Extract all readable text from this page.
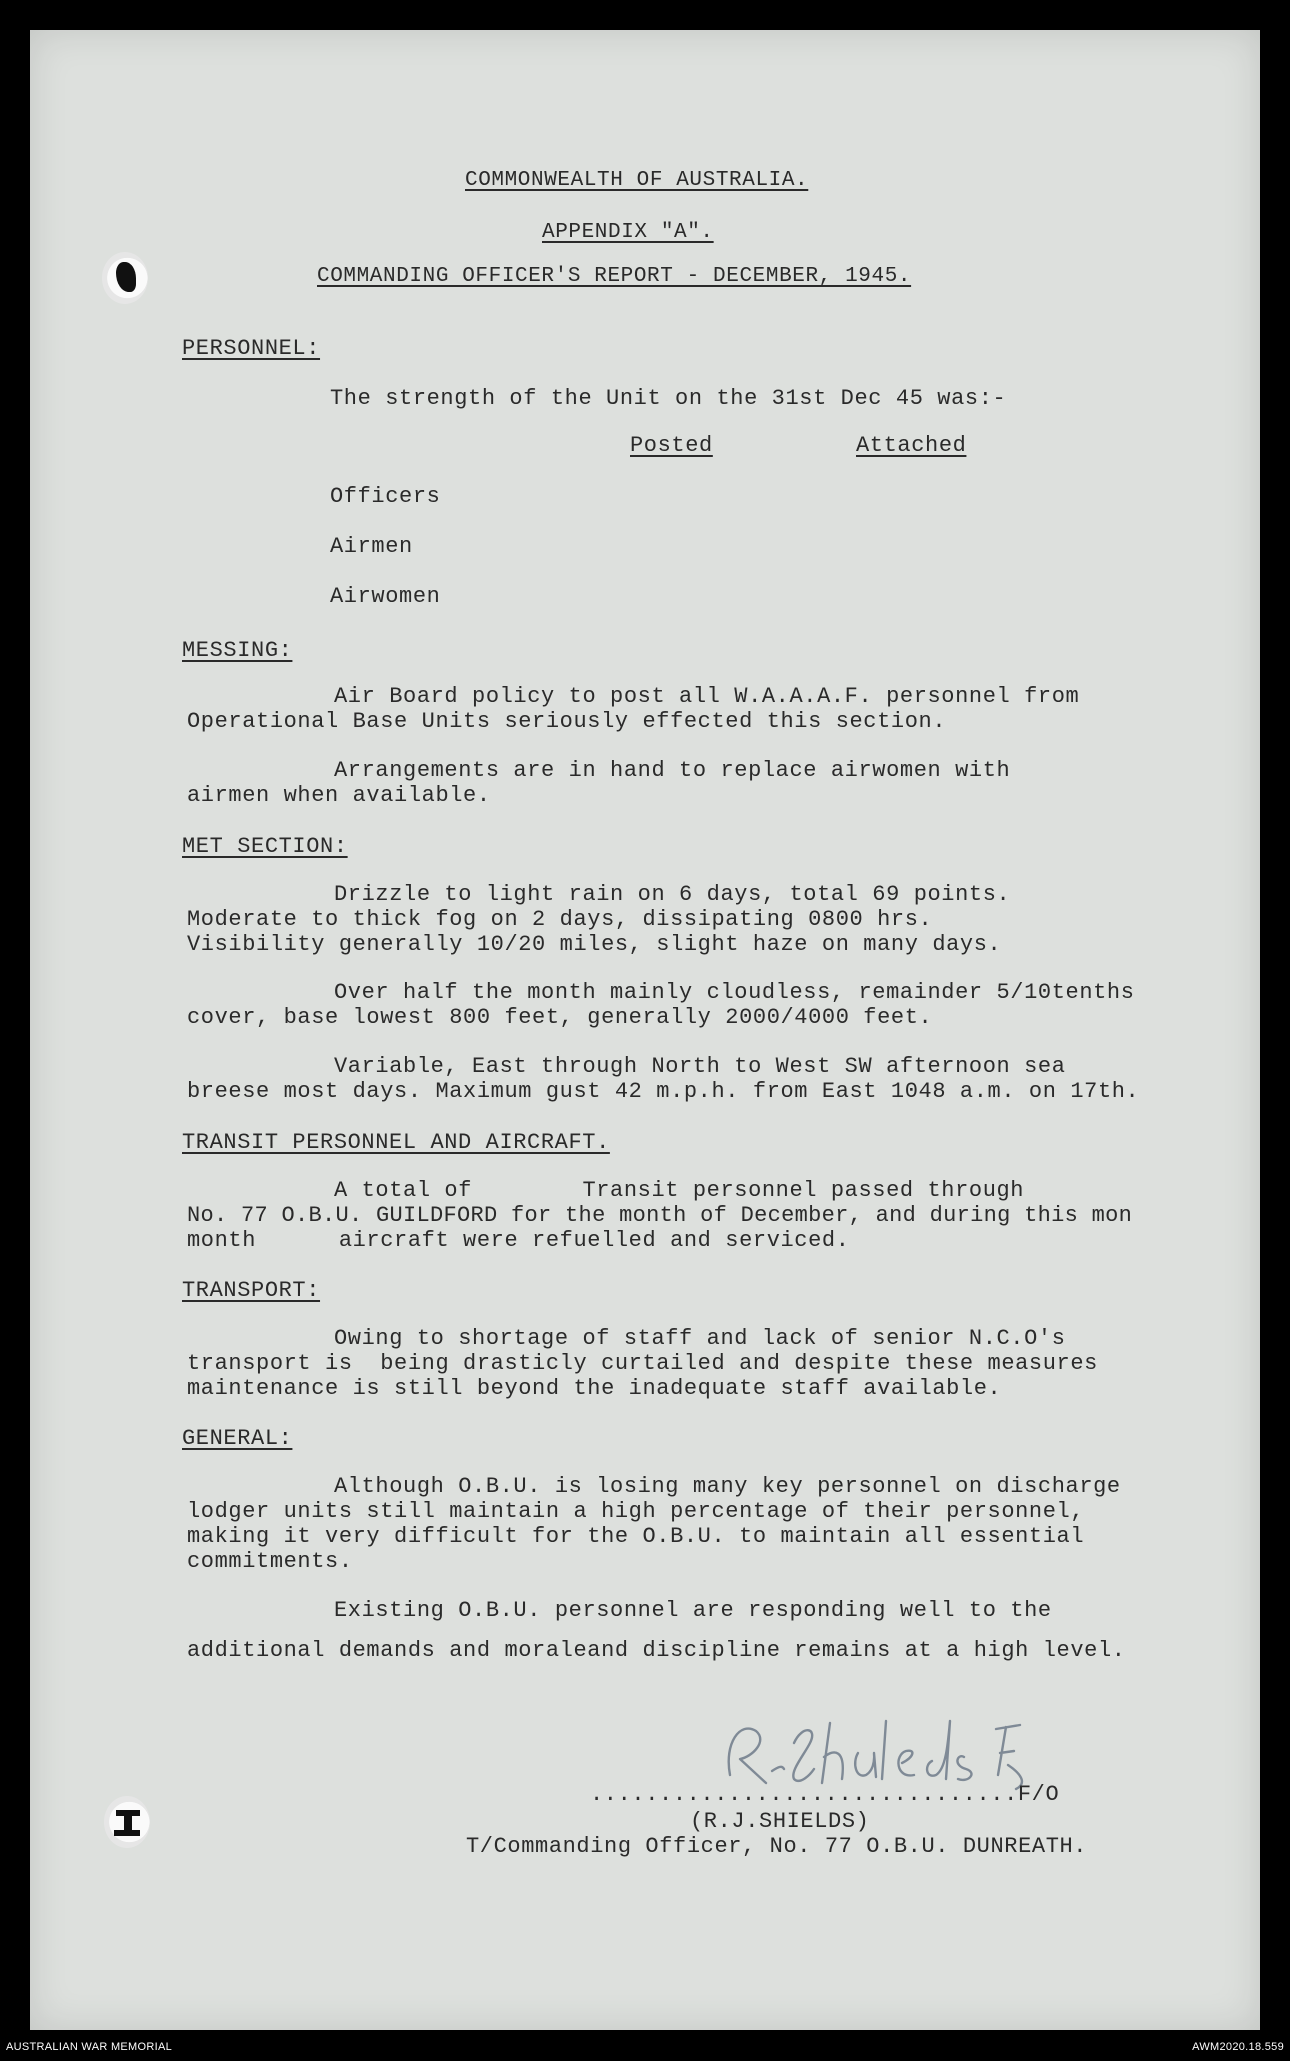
COMMONWEALTH OF AUSTRALIA.
APPENDIX "A".
COMMANDING OFFICER'S REPORT - DECEMBER, 1945.
PERSONNEL:
The strength of the Unit on the 31st Dec 45 was:-
Posted	Attached
Officers
Airmen
Airwomen
MESSING:
Air Board policy to post all W.A.A.A.F. personnel from
Operational Base Units seriously effected this section.
Arrangements are in hand to replace airwomen with
airmen when available.
MET SECTION:
Drizzle to light rain on 6 days, total 69 points.
Moderate to thick fog on 2 days, dissipating 0800 hrs.
Visibility generally 10/20 miles, slight haze on many days.
Over half the month mainly cloudless, remainder 5/10tenths
cover, base lowest 800 feet, generally 2000/4000 feet.
Variable, East through North to West SW afternoon sea
breese most days. Maximum gust 42 m.p.h. from East 1048 a.m. on 17th.
TRANSIT PERSONNEL AND AIRCRAFT.
A total of        Transit personnel passed through
No. 77 O.B.U. GUILDFORD for the month of December, and during this mon
month      aircraft were refuelled and serviced.
TRANSPORT:
Owing to shortage of staff and lack of senior N.C.O's
transport is  being drasticly curtailed and despite these measures
maintenance is still beyond the inadequate staff available.
GENERAL:
Although O.B.U. is losing many key personnel on discharge
lodger units still maintain a high percentage of their personnel,
making it very difficult for the O.B.U. to maintain all essential
commitments.
Existing O.B.U. personnel are responding well to the
additional demands and moraleand discipline remains at a high level.
...............................F/O
(R.J.SHIELDS)
T/Commanding Officer, No. 77 O.B.U. DUNREATH.
AUSTRALIAN WAR MEMORIAL	AWM2020.18.559
